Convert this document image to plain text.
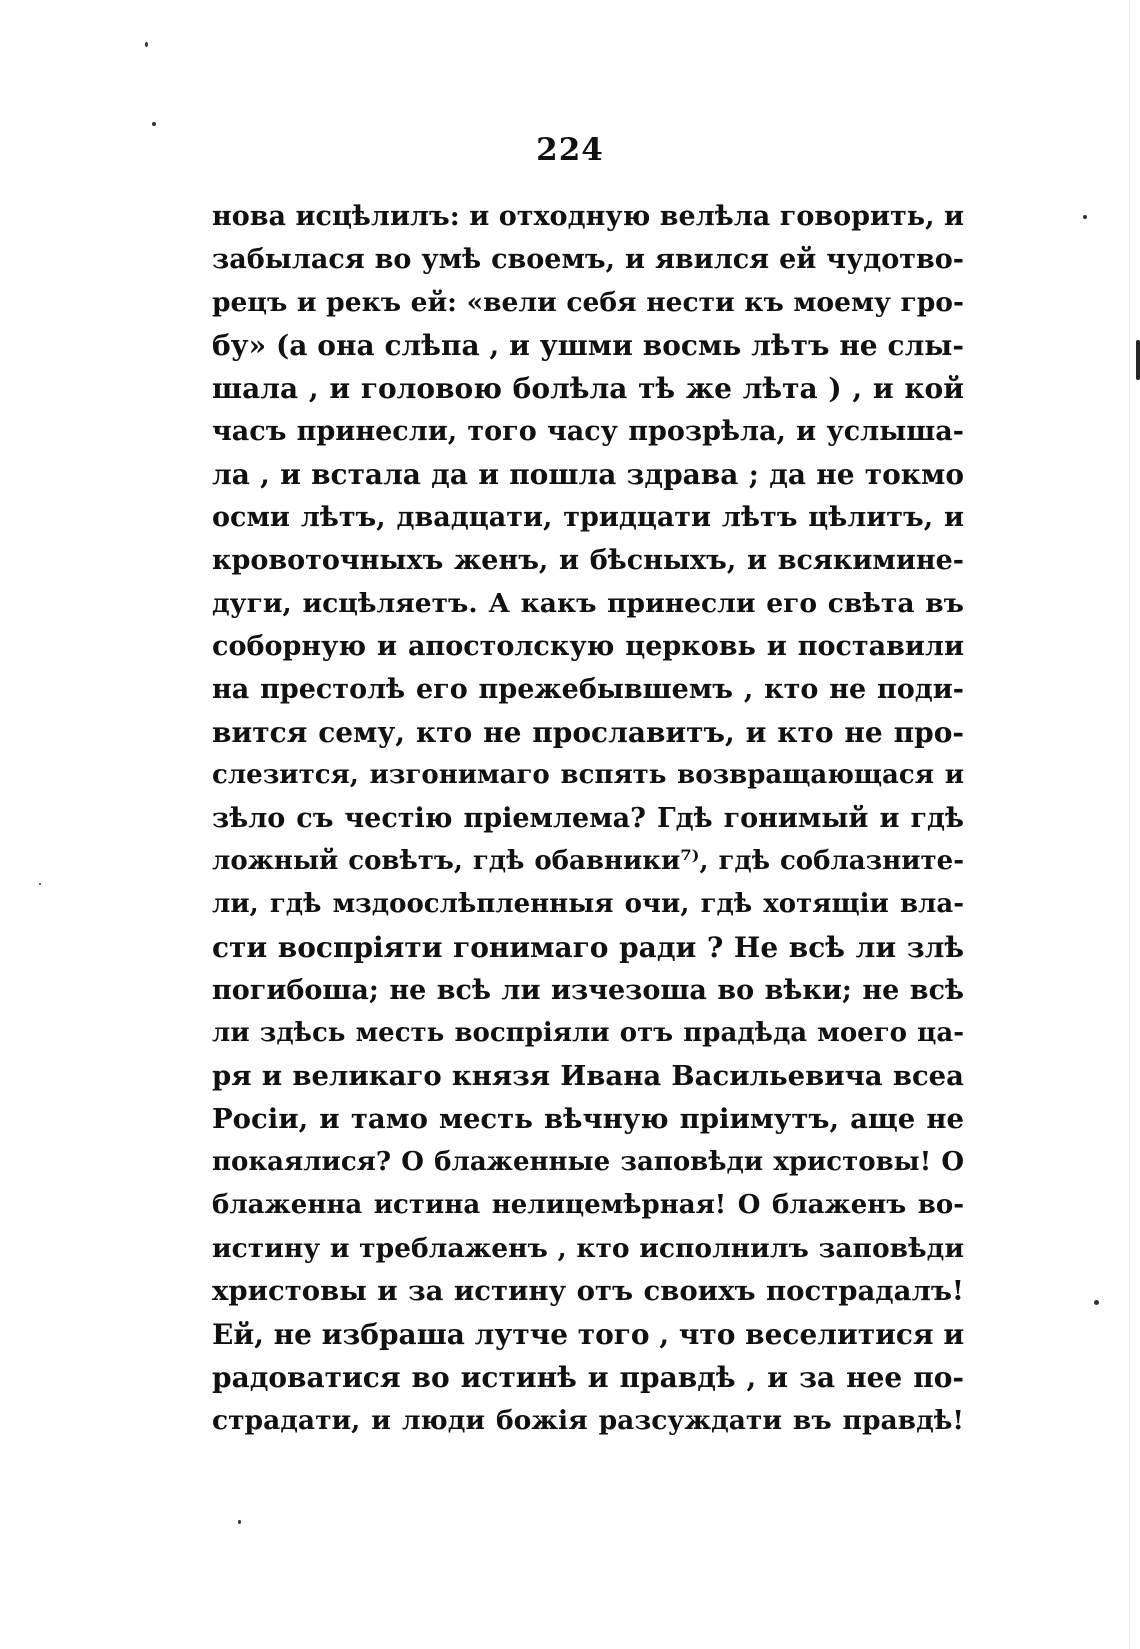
224
нова исцѣлилъ: и отходную велѣла говорить, и
забылася во умѣ своемъ, и явился ей чудотво-
рецъ и рекъ ей: «вели себя нести къ моему гро-
бу» (а она слѣпа , и ушми восмь лѣтъ не слы-
шала , и головою болѣла тѣ же лѣта ) , и кой
часъ принесли, того часу прозрѣла, и услыша-
ла , и встала да и пошла здрава ; да не токмо
осми лѣтъ, двадцати, тридцати лѣтъ цѣлитъ, и
кровоточныхъ женъ, и бѣсныхъ, и всякимине-
дуги, исцѣляетъ. А какъ принесли его свѣта въ
соборную и апостолскую церковь и поставили
на престолѣ его прежебывшемъ , кто не поди-
вится сему, кто не прославитъ, и кто не про-
слезится, изгонимаго вспять возвращающася и
зѣло съ честію пріемлема? Гдѣ гонимый и гдѣ
ложный совѣтъ, гдѣ обавники⁷⁾, гдѣ соблазните-
ли, гдѣ мздоослѣпленныя очи, гдѣ хотящіи вла-
сти воспріяти гонимаго ради ? Не всѣ ли злѣ
погибоша; не всѣ ли изчезоша во вѣки; не всѣ
ли здѣсь месть воспріяли отъ прадѣда моего ца-
ря и великаго князя Ивана Васильевича всеа
Росіи, и тамо месть вѣчную пріимутъ, аще не
покаялися? О блаженные заповѣди христовы! О
блаженна истина нелицемѣрная! О блаженъ во-
истину и треблаженъ , кто исполнилъ заповѣди
христовы и за истину отъ своихъ пострадалъ!
Ей, не избраша лутче того , что веселитися и
радоватися во истинѣ и правдѣ , и за нее по-
страдати, и люди божія разсуждати въ правдѣ!
